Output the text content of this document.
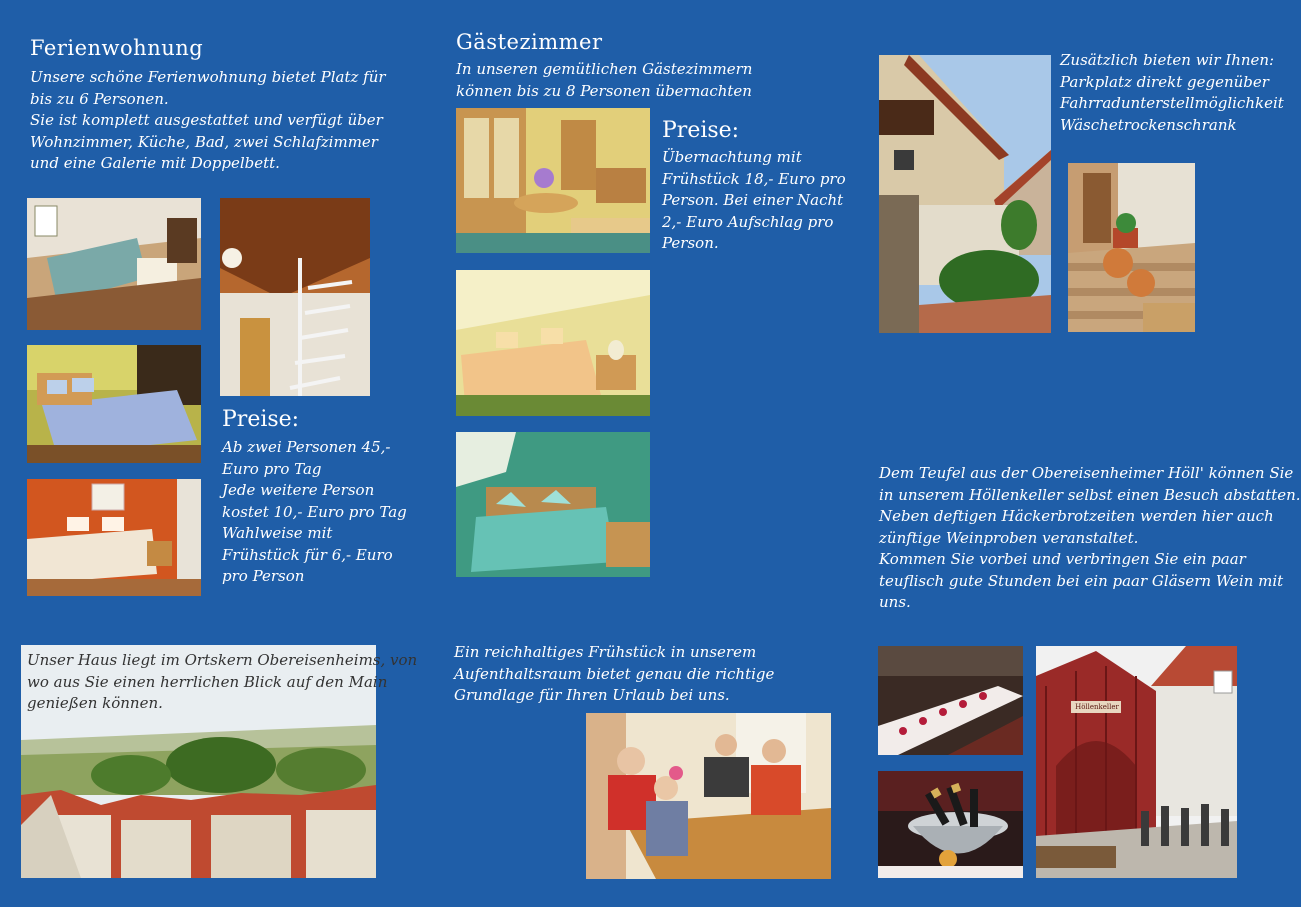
Ferienwohnung
Unsere schöne Ferienwohnung bietet Platz für
bis zu 6 Personen.
Sie ist komplett ausgestattet und verfügt über
Wohnzimmer, Küche, Bad, zwei Schlafzimmer
und eine Galerie mit Doppelbett.
Preise:
Ab zwei Personen 45,-
Euro pro Tag
Jede weitere Person
kostet 10,- Euro pro Tag
Wahlweise mit
Frühstück für 6,- Euro
pro Person
Unser Haus liegt im Ortskern Obereisenheims, von
wo aus Sie einen herrlichen Blick auf den Main
genießen können.
Gästezimmer
In unseren gemütlichen Gästezimmern
können bis zu 8 Personen übernachten
Preise:
Übernachtung mit
Frühstück 18,- Euro pro
Person. Bei einer Nacht
2,- Euro Aufschlag pro
Person.
Ein reichhaltiges Frühstück in unserem
Aufenthaltsraum bietet genau die richtige
Grundlage für Ihren Urlaub bei uns.
Zusätzlich bieten wir Ihnen:
Parkplatz direkt gegenüber
Fahrradunterstellmöglichkeit
Wäschetrockenschrank
Dem Teufel aus der Obereisenheimer Höll' können Sie
in unserem Höllenkeller selbst einen Besuch abstatten.
Neben deftigen Häckerbrotzeiten werden hier auch
zünftige Weinproben veranstaltet.
Kommen Sie vorbei und verbringen Sie ein paar
teuflisch gute Stunden bei ein paar Gläsern Wein mit
uns.
Höllenkeller
